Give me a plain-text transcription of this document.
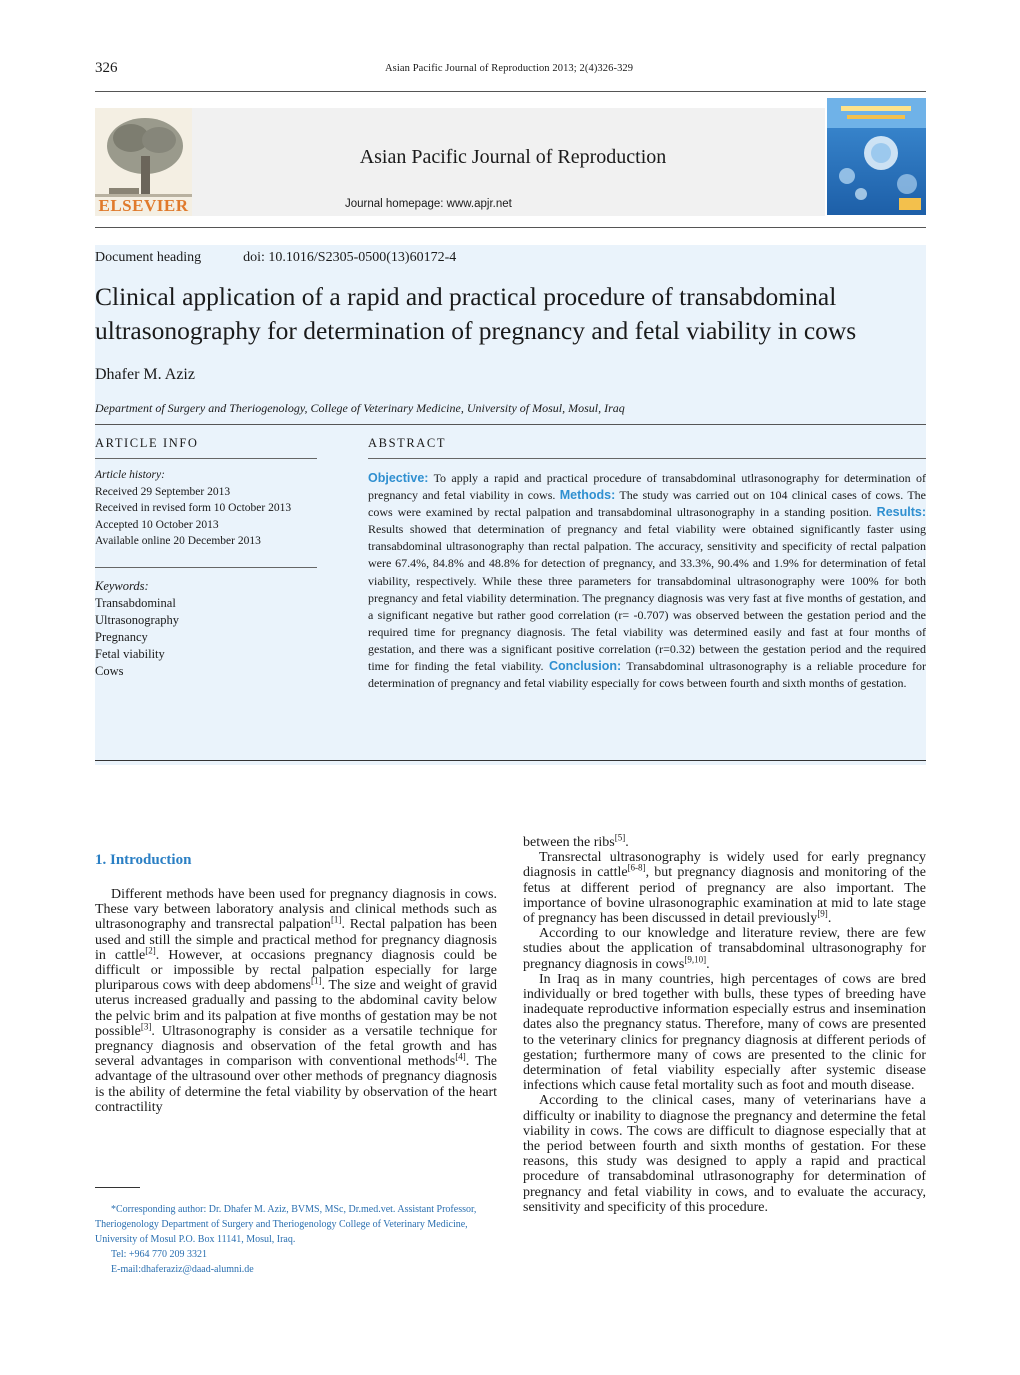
326	Asian Pacific Journal of Reproduction 2013; 2(4)326-329
ELSEVIER
Asian Pacific Journal of Reproduction
Journal homepage: www.apjr.net
Document heading	doi: 10.1016/S2305-0500(13)60172-4
Clinical application of a rapid and practical procedure of transabdominal ultrasonography for determination of pregnancy and fetal viability in cows
Dhafer M. Aziz
Department of Surgery and Theriogenology, College of Veterinary Medicine, University of Mosul, Mosul, Iraq
ARTICLE INFO	ABSTRACT
Article history:
Received 29 September 2013
Received in revised form 10 October 2013
Accepted 10 October 2013
Available online 20 December 2013
Keywords:
Transabdominal
Ultrasonography
Pregnancy
Fetal viability
Cows
Objective: To apply a rapid and practical procedure of transabdominal utlrasonography for determination of pregnancy and fetal viability in cows. Methods: The study was carried out on 104 clinical cases of cows. The cows were examined by rectal palpation and transabdominal ultrasonography in a standing position. Results: Results showed that determination of pregnancy and fetal viability were obtained significantly faster using transabdominal ultrasonography than rectal palpation. The accuracy, sensitivity and specificity of rectal palpation were 67.4%, 84.8% and 48.8% for detection of pregnancy, and 33.3%, 90.4% and 1.9% for determination of fetal viability, respectively. While these three parameters for transabdominal ultrasonography were 100% for both pregnancy and fetal viability determination. The pregnancy diagnosis was very fast at five months of gestation, and a significant negative but rather good correlation (r= -0.707) was observed between the gestation period and the required time for pregnancy diagnosis. The fetal viability was determined easily and fast at four months of gestation, and there was a significant positive correlation (r=0.32) between the gestation period and the required time for finding the fetal viability. Conclusion: Transabdominal ultrasonography is a reliable procedure for determination of pregnancy and fetal viability especially for cows between fourth and sixth months of gestation.
1. Introduction

Different methods have been used for pregnancy diagnosis in cows. These vary between laboratory analysis and clinical methods such as ultrasonography and transrectal palpation[1]. Rectal palpation has been used and still the simple and practical method for pregnancy diagnosis in cattle[2]. However, at occasions pregnancy diagnosis could be difficult or impossible by rectal palpation especially for large pluriparous cows with deep abdomens[1]. The size and weight of gravid uterus increased gradually and passing to the abdominal cavity below the pelvic brim and its palpation at five months of gestation may be not possible[3]. Ultrasonography is consider as a versatile technique for pregnancy diagnosis and observation of the fetal growth and has several advantages in comparison with conventional methods[4]. The advantage of the ultrasound over other methods of pregnancy diagnosis is the ability of determine the fetal viability by observation of the heart contractility

between the ribs[5].

Transrectal ultrasonography is widely used for early pregnancy diagnosis in cattle[6-8], but pregnancy diagnosis and monitoring of the fetus at different period of pregnancy are also important. The importance of bovine ulrasonographic examination at mid to late stage of pregnancy has been discussed in detail previously[9].

According to our knowledge and literature review, there are few studies about the application of transabdominal ultrasonography for pregnancy diagnosis in cows[9,10].

In Iraq as in many countries, high percentages of cows are bred individually or bred together with bulls, these types of breeding have inadequate reproductive information especially estrus and insemination dates also the pregnancy status. Therefore, many of cows are presented to the veterinary clinics for pregnancy diagnosis at different periods of gestation; furthermore many of cows are presented to the clinic for determination of fetal viability especially after systemic disease infections which cause fetal mortality such as foot and mouth disease.

According to the clinical cases, many of veterinarians have a difficulty or inability to diagnose the pregnancy and determine the fetal viability in cows. The cows are difficult to diagnose especially that at the period between fourth and sixth months of gestation. For these reasons, this study was designed to apply a rapid and practical procedure of transabdominal utlrasonography for determination of pregnancy and fetal viability in cows, and to evaluate the accuracy, sensitivity and specificity of this procedure.

*Corresponding author: Dr. Dhafer M. Aziz, BVMS, MSc, Dr.med.vet. Assistant Professor, Theriogenology Department of Surgery and Theriogenology College of Veterinary Medicine, University of Mosul P.O. Box 11141, Mosul, Iraq.

Tel: +964 770 209 3321

E-mail:dhaferaziz@daad-alumni.de
